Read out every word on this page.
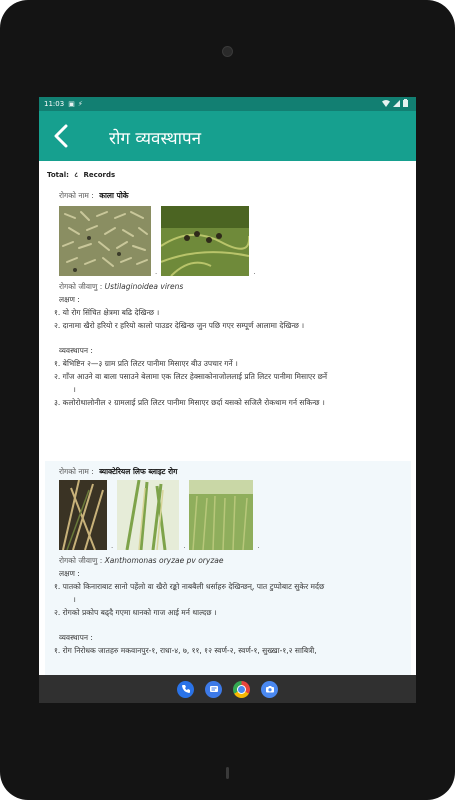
11:03 ▣ ⚡
रोग व्यवस्थापन
Total: ८ Records
रोगको नाम : काला पोके
.	.
रोगको जीवाणु : Ustilaginoidea virens
लक्षण :
१. यो रोग सिंचित क्षेत्रमा बढि देखिन्छ ।
२. दानामा खैरो हरियो र हरियो कालो पाउडर देखिन्छ जुन पछि गएर सम्पूर्ण आलामा देखिन्छ ।
व्यवस्थापन :
१. बेभिष्टिन २—३ ग्राम प्रति लिटर पानीमा मिसाएर बीउ उपचार गर्ने ।
२. गाँज आउने वा बाला पसाउने बेलामा एक लिटर हेक्साकोनाजोललाई प्रति लिटर पानीमा मिसाएर छर्ने
।
३. कलोरोथालोनील २ ग्रामलाई प्रति लिटर पानीमा मिसाएर छर्दा यसको सजिलै रोकथाम गर्न सकिन्छ ।
रोगको नाम : ब्याक्टेरियल लिफ ब्लाइट रोग
.	.	.
रोगको जीवाणु : Xanthomonas oryzae pv oryzae
लक्षण :
१. पातको किनाराबाट सानो पहेंलो वा खैरो रङ्को नाबबैली धर्साहरु देखिन्छन्, पात टुप्पोबाट सुकेर मर्दछ
।
२. रोगको प्रकोप बढ्दै गएमा धानको गाज आई मर्न थाल्दछ ।
व्यवस्थापन :
१. रोग निरोधक जातहरु मकवानपुर-१, राधा-४, ७, ११, १२ स्वर्ण-२, स्वर्ण-१, सुख्खा-१,२ साबित्री,
